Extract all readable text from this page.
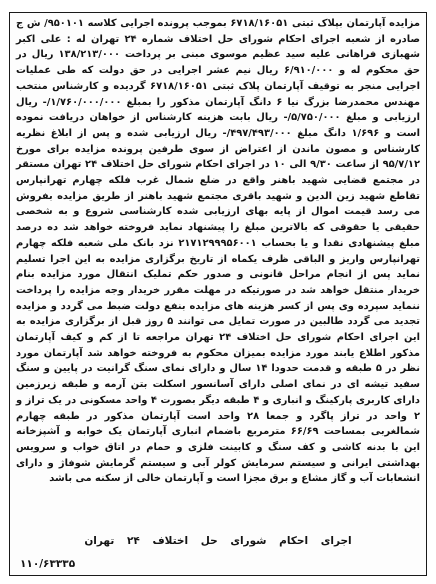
مزایده آپارتمان بپلاک ثبتی ۶۷۱۸/۱۶۰۵۱ بموجب پرونده اجرایی کلاسه ۹۵۰۱۰۱/ ش ج صادره از شعبه اجرای احکام شورای حل اختلاف شماره ۲۴ تهران له : علی اکبر شهبازی فراهانی علیه سید عظیم موسوی مبنی بر پرداخت ۱۳۸/۲۱۳/۰۰۰ ریال در حق محکوم له و ۶/۹۱۰/۰۰۰ ریال نیم عشر اجرایی در حق دولت که طی عملیات اجرایی منجر به توقیف آپارتمان پلاک ثبتی ۶۷۱۸/۱۶۰۵۱ گردیده و کارشناس منتخب مهندس محمدرضا بزرگ نیا ۶ دانگ آپارتمان مذکور را بمبلغ ۱/۷۶۰/۰۰۰/۰۰۰/- ریال ارزیابی و مبلغ ۵/۷۵۰/۰۰۰/- ریال بابت هزینه کارشناس از خواهان دریافت نموده است و ۱/۶۹۶ دانگ مبلغ ۴۹۷/۴۹۳/۰۰۰/- ریال ارزیابی شده و پس از ابلاغ نظریه کارشناس و مصون ماندن از اعتراض از سوی طرفین پرونده مزایده برای مورخ ۹۵/۷/۱۲ از ساعت ۹/۳۰ الی ۱۰ در اجرای احکام شورای حل اختلاف ۲۴ تهران مستقر در مجتمع قضایی شهید باهنر واقع در ضلع شمال غرب فلکه چهارم تهرانپارس تقاطع شهید زین الدین و شهید باقری مجتمع شهید باهنر از طریق مزایده بفروش می رسد قیمت اموال از پایه بهای ارزیابی شده کارشناسی شروع و به شخصی حقیقی یا حقوقی که بالاترین مبلغ را پیشنهاد نماید فروخته خواهد شد ده درصد مبلغ پیشنهادی نقدا و یا بحساب ۲۱۷۱۲۹۹۹۵۶۰۰۱ نزد بانک ملی شعبه فلکه چهارم تهرانپارس واریز و الباقی ظرف یکماه از تاریخ برگزاری مزایده به این اجرا تسلیم نماید پس از انجام مراحل قانونی و صدور حکم تملیک انتقال مورد مزایده بنام خریدار منتقل خواهد شد در صورتیکه در مهلت مقرر خریدار وجه مزایده را پرداخت ننماید سپرده وی پس از کسر هزینه های مزایده بنفع دولت ضبط می گردد و مزایده تجدید می گردد طالبین در صورت تمایل می توانند ۵ روز قبل از برگزاری مزایده به این اجرای احکام شورای حل اختلاف ۲۴ تهران مراجعه تا از کم و کیف آپارتمان مذکور اطلاع یابند مورد مزایده بمیزان محکوم به فروخته خواهد شد آپارتمان مورد نظر در ۵ طبقه و قدمت حدودا ۱۴ سال و دارای نمای سنگ گرانیت در پایین و سنگ سفید تیشه ای در نمای اصلی دارای آسانسور اسکلت بتن آرمه و طبقه زیرزمین دارای کاربری پارکینگ و انباری و ۴ طبقه دیگر بصورت ۴ واحد مسکونی در یک تراز و ۲ واحد در تراز پاگرد و جمعا ۲۸ واحد است آپارتمان مذکور در طبقه چهارم شمالغربی بمساحت ۶۶/۶۹ مترمربع باضمام انباری آپارتمان یک خوابه و آشپزخانه این با بدنه کاشی و کف سنگ و کابینت فلزی و حمام در اتاق خواب و سرویس بهداشتی ایرانی و سیستم سرمایش کولر آبی و سیستم گرمایش شوفاژ و دارای انشعابات آب و گاز مشاع و برق مجزا است و آپارتمان خالی از سکنه می باشد

اجرای احکام شورای حل اختلاف ۲۴ تهران
۱۱۰/۶۳۳۳۵
